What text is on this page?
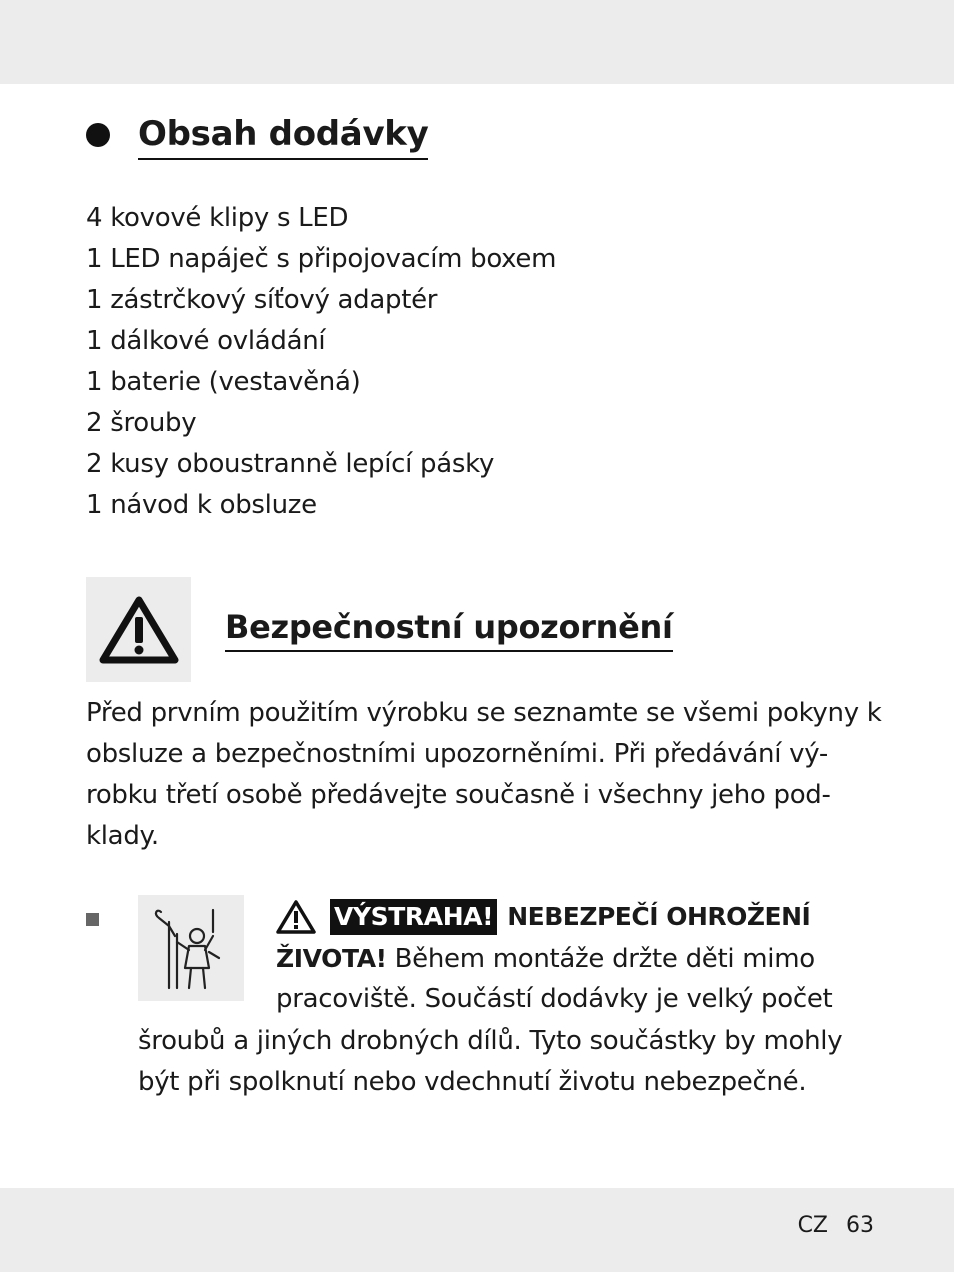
Obsah dodávky
4 kovové klipy s LED
1 LED napáječ s připojovacím boxem
1 zástrčkový síťový adaptér
1 dálkové ovládání
1 baterie (vestavěná)
2 šrouby
2 kusy oboustranně lepící pásky
1 návod k obsluze
Bezpečnostní upozornění
Před prvním použitím výrobku se seznamte se všemi pokyny k
obsluze a bezpečnostními upozorněními. Při předávání vý-
robku třetí osobě předávejte současně i všechny jeho pod-
klady.
VÝSTRAHA! NEBEZPEČÍ OHROŽENÍ
ŽIVOTA! Během montáže držte děti mimo
pracoviště. Součástí dodávky je velký počet
šroubů a jiných drobných dílů. Tyto součástky by mohly
být při spolknutí nebo vdechnutí životu nebezpečné.
CZ 63
